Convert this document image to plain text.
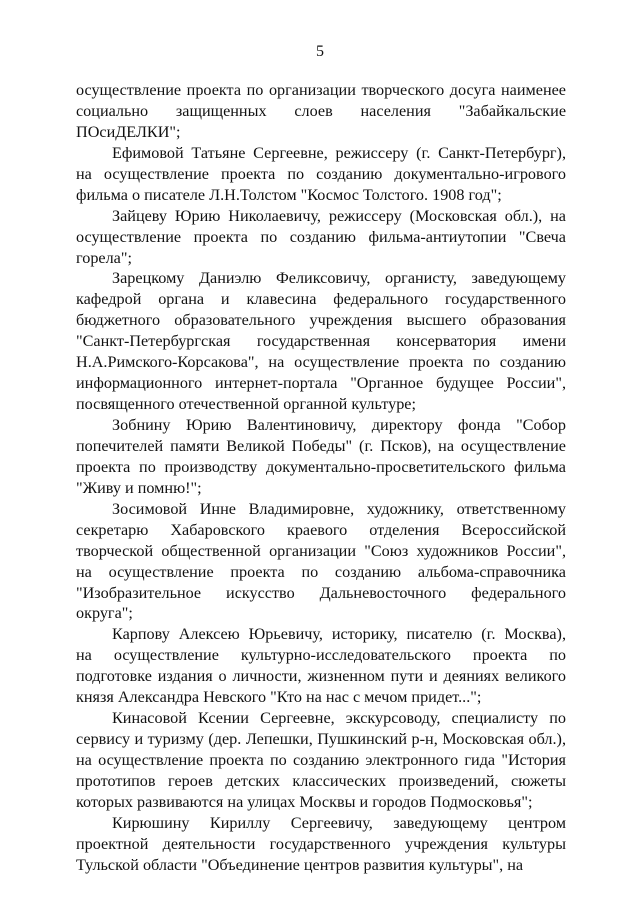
5
осуществление проекта по организации творческого досуга наименее
социально защищенных слоев населения "Забайкальские
ПОсиДЕЛКИ";
Ефимовой Татьяне Сергеевне, режиссеру (г. Санкт-Петербург),
на осуществление проекта по созданию документально-игрового
фильма о писателе Л.Н.Толстом "Космос Толстого. 1908 год";
Зайцеву Юрию Николаевичу, режиссеру (Московская обл.), на
осуществление проекта по созданию фильма-антиутопии "Свеча
горела";
Зарецкому Даниэлю Феликсовичу, органисту, заведующему
кафедрой органа и клавесина федерального государственного
бюджетного образовательного учреждения высшего образования
"Санкт-Петербургская государственная консерватория имени
Н.А.Римского-Корсакова", на осуществление проекта по созданию
информационного интернет-портала "Органное будущее России",
посвященного отечественной органной культуре;
Зобнину Юрию Валентиновичу, директору фонда "Собор
попечителей памяти Великой Победы" (г. Псков), на осуществление
проекта по производству документально-просветительского фильма
"Живу и помню!";
Зосимовой Инне Владимировне, художнику, ответственному
секретарю Хабаровского краевого отделения Всероссийской
творческой общественной организации "Союз художников России",
на осуществление проекта по созданию альбома-справочника
"Изобразительное искусство Дальневосточного федерального
округа";
Карпову Алексею Юрьевичу, историку, писателю (г. Москва),
на осуществление культурно-исследовательского проекта по
подготовке издания о личности, жизненном пути и деяниях великого
князя Александра Невского "Кто на нас с мечом придет...";
Кинасовой Ксении Сергеевне, экскурсоводу, специалисту по
сервису и туризму (дер. Лепешки, Пушкинский р-н, Московская обл.),
на осуществление проекта по созданию электронного гида "История
прототипов героев детских классических произведений, сюжеты
которых развиваются на улицах Москвы и городов Подмосковья";
Кирюшину Кириллу Сергеевичу, заведующему центром
проектной деятельности государственного учреждения культуры
Тульской области "Объединение центров развития культуры", на
